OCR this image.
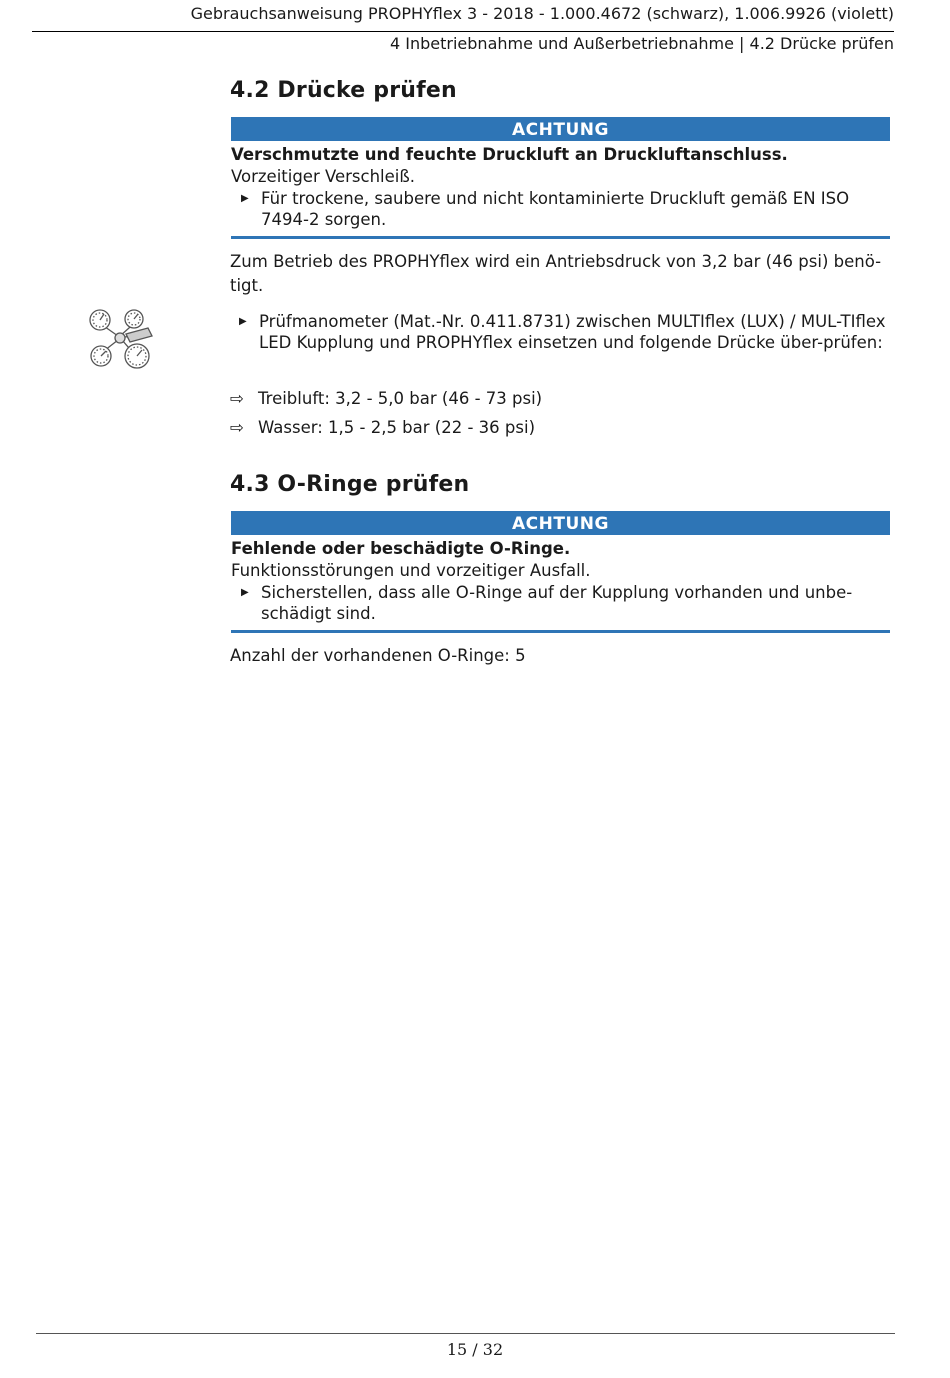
Gebrauchsanweisung PROPHYflex 3 - 2018 - 1.000.4672 (schwarz), 1.006.9926 (violett)
4 Inbetriebnahme und Außerbetriebnahme | 4.2 Drücke prüfen
4.2 Drücke prüfen
ACHTUNG
Verschmutzte und feuchte Druckluft an Druckluftanschluss.
Vorzeitiger Verschleiß.
▶ Für trockene, saubere und nicht kontaminierte Druckluft gemäß EN ISO 7494-2 sorgen.
Zum Betrieb des PROPHYflex wird ein Antriebsdruck von 3,2 bar (46 psi) benö-tigt.
▶ Prüfmanometer (Mat.-Nr. 0.411.8731) zwischen MULTIflex (LUX) / MUL-TIflex LED Kupplung und PROPHYflex einsetzen und folgende Drücke über-prüfen:
⇨ Treibluft: 3,2 - 5,0 bar (46 - 73 psi)
⇨ Wasser: 1,5 - 2,5 bar (22 - 36 psi)
4.3 O-Ringe prüfen
ACHTUNG
Fehlende oder beschädigte O-Ringe.
Funktionsstörungen und vorzeitiger Ausfall.
▶ Sicherstellen, dass alle O-Ringe auf der Kupplung vorhanden und unbe-schädigt sind.
Anzahl der vorhandenen O-Ringe: 5
15 / 32
